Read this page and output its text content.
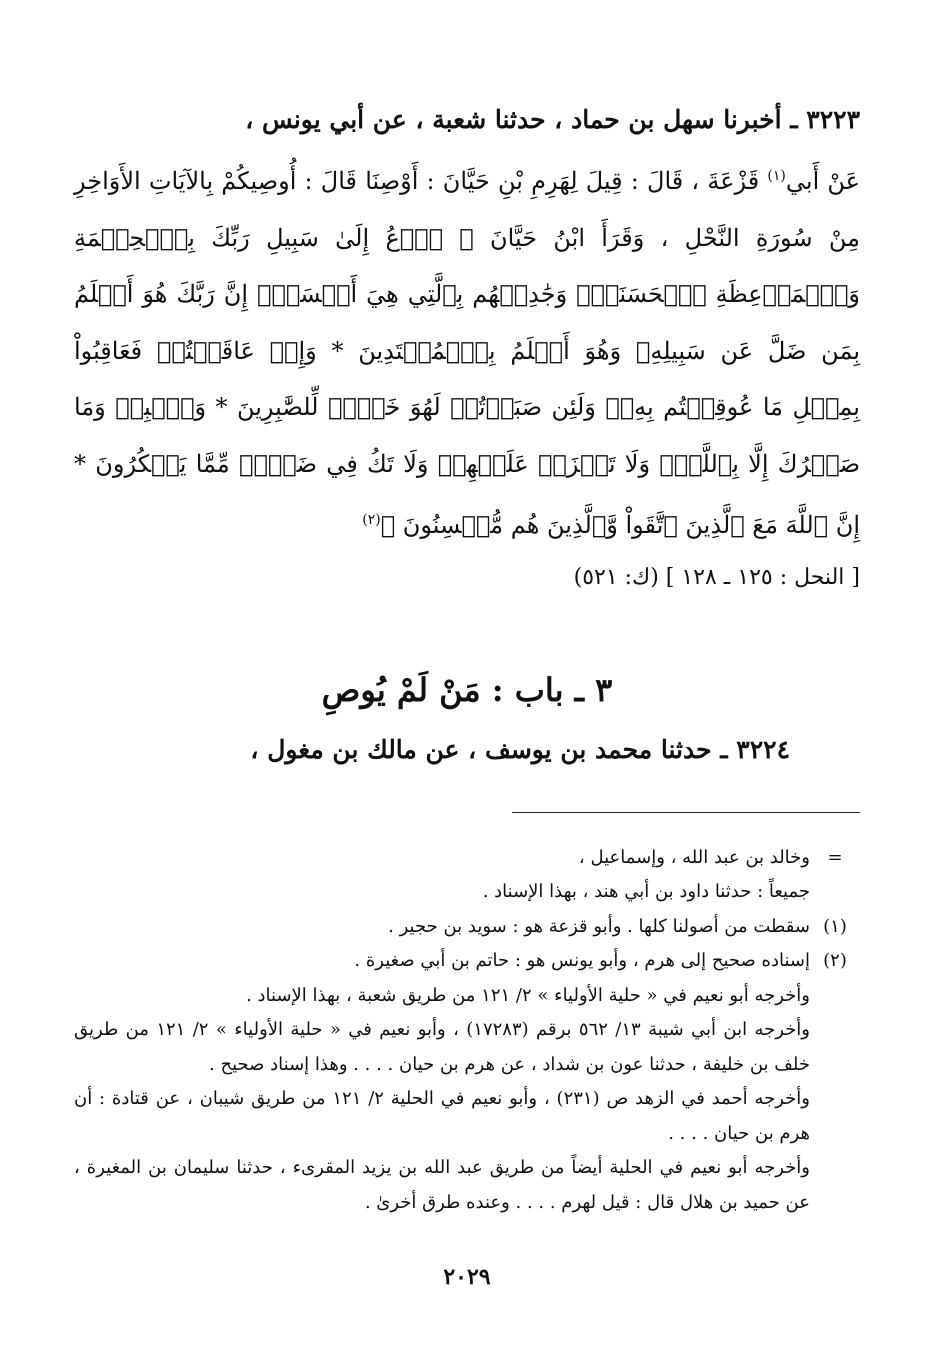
٣٢٢٣ ـ أخبرنا سهل بن حماد ، حدثنا شعبة ، عن أبي يونس ،

عَنْ أَبي$^{(١)}$ قَزْعَةَ ، قَالَ : قِيلَ لِهَرِمِ بْنِ حَيَّانَ : أَوْصِنَا قَالَ : أُوصِيكُمْ بِالآيَاتِ الأَوَاخِرِ مِنْ سُورَةِ النَّحْلِ ، وَقَرَأَ ابْنُ حَيَّانَ ﴿ ٱدۡعُ إِلَىٰ سَبِيلِ رَبِّكَ بِٱلۡحِكۡمَةِ وَٱلۡمَوۡعِظَةِ ٱلۡحَسَنَةِۖ وَجَٰدِلۡهُم بِٱلَّتِي هِيَ أَحۡسَنُۚ إِنَّ رَبَّكَ هُوَ أَعۡلَمُ بِمَن ضَلَّ عَن سَبِيلِهِۦ وَهُوَ أَعۡلَمُ بِٱلۡمُهۡتَدِينَ * وَإِنۡ عَاقَبۡتُمۡ فَعَاقِبُواْ بِمِثۡلِ مَا عُوقِبۡتُم بِهِۦۖ وَلَئِن صَبَرۡتُمۡ لَهُوَ خَيۡرٞ لِّلصَّٰبِرِينَ * وَٱصۡبِرۡ وَمَا صَبۡرُكَ إِلَّا بِٱللَّهِۚ وَلَا تَحۡزَنۡ عَلَيۡهِمۡ وَلَا تَكُ فِي ضَيۡقٖ مِّمَّا يَمۡكُرُونَ * إِنَّ ٱللَّهَ مَعَ ٱلَّذِينَ ٱتَّقَواْ وَّٱلَّذِينَ هُم مُّحۡسِنُونَ ﴾$^{(٢)}$

[ النحل : ١٢٥ ـ ١٢٨ ] (ك: ٥٢١)
٣ ـ باب : مَنْ لَمْ يُوصِ
٣٢٢٤ ـ حدثنا محمد بن يوسف ، عن مالك بن مغول ،
=

وخالد بن عبد الله ، وإسماعيل ،

جميعاً : حدثنا داود بن أبي هند ، بهذا الإسناد .

(١)

سقطت من أصولنا كلها . وأبو قزعة هو : سويد بن حجير .

(٢)

إسناده صحيح إلى هرم ، وأبو يونس هو : حاتم بن أبي صغيرة .

وأخرجه أبو نعيم في « حلية الأولياء » ٢/ ١٢١ من طريق شعبة ، بهذا الإسناد .

وأخرجه ابن أبي شيبة ١٣/ ٥٦٢ برقم (١٧٢٨٣) ، وأبو نعيم في « حلية الأولياء » ٢/ ١٢١ من طريق خلف بن خليفة ، حدثنا عون بن شداد ، عن هرم بن حيان . . . . وهذا إسناد صحيح .

وأخرجه أحمد في الزهد ص (٢٣١) ، وأبو نعيم في الحلية ٢/ ١٢١ من طريق شيبان ، عن قتادة : أن هرم بن حيان . . . .

وأخرجه أبو نعيم في الحلية أيضاً من طريق عبد الله بن يزيد المقرىء ، حدثنا سليمان بن المغيرة ، عن حميد بن هلال قال : قيل لهرم . . . . وعنده طرق أخرىٰ .

٢٠٢٩
